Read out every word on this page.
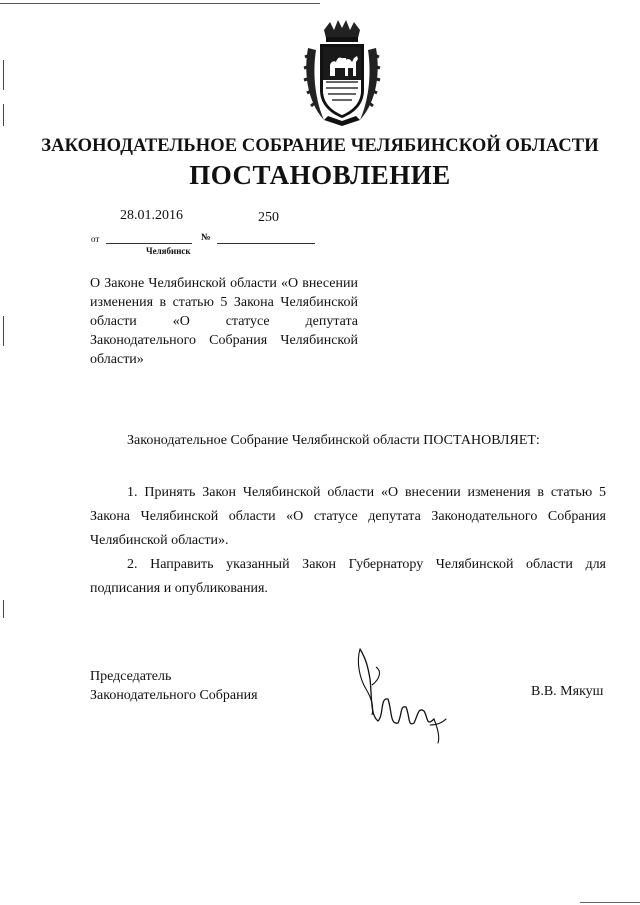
ЗАКОНОДАТЕЛЬНОЕ СОБРАНИЕ ЧЕЛЯБИНСКОЙ ОБЛАСТИ
ПОСТАНОВЛЕНИЕ
28.01.2016	250
от	№
Челябинск
О Законе Челябинской области «О внесении изменения в статью 5 Закона Челябинской области «О статусе депутата Законодательного Собрания Челябинской области»
Законодательное Собрание Челябинской области ПОСТАНОВЛЯЕТ:
1. Принять Закон Челябинской области «О внесении изменения в статью 5 Закона Челябинской области «О статусе депутата Законодательного Собрания Челябинской области».
2. Направить указанный Закон Губернатору Челябинской области для подписания и опубликования.
Председатель
Законодательного Собрания	В.В. Мякуш
